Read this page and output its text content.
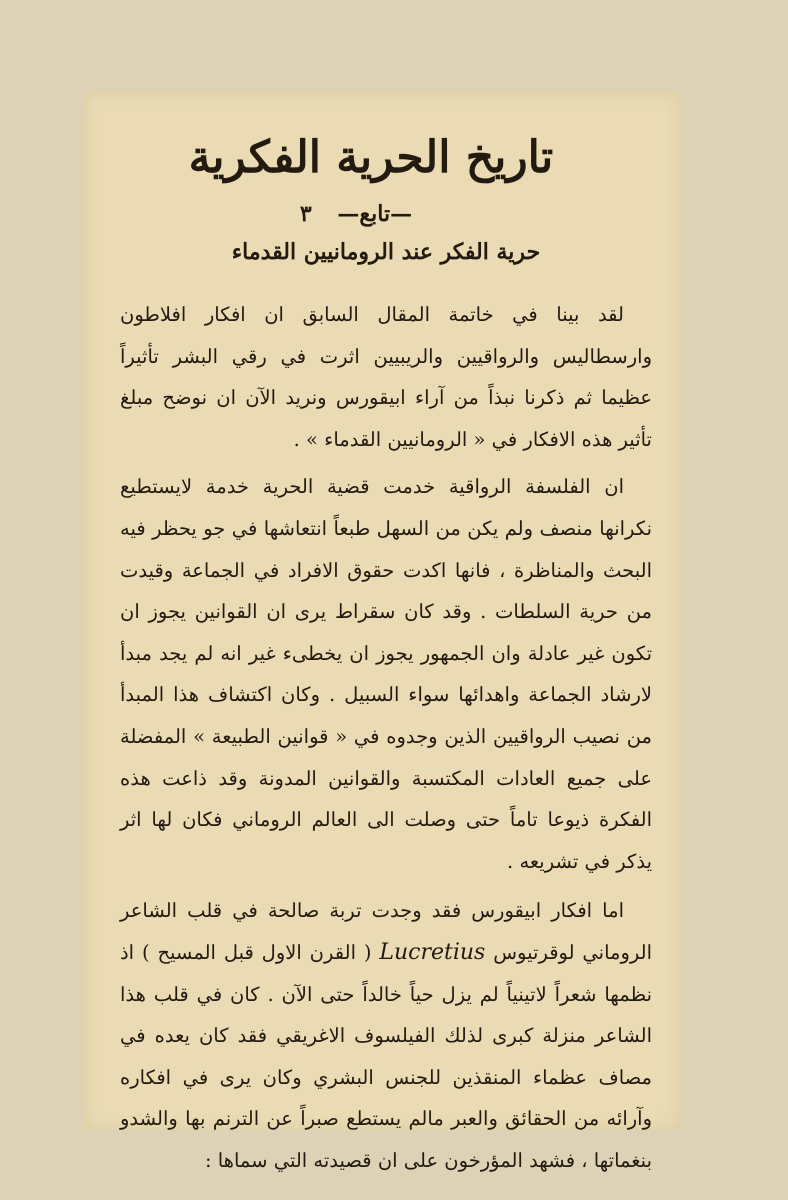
تاريخ الحرية الفكرية
—تابع— ٣
حرية الفكر عند الرومانيين القدماء

لقد بينا في خاتمة المقال السابق ان افكار افلاطون وارسطاليس والرواقيين والريبيين اثرت في رقي البشر تأثيراً عظيما ثم ذكرنا نبذاً من آراء ابيقورس ونريد الآن ان نوضح مبلغ تأثير هذه الافكار في « الرومانيين القدماء » .

ان الفلسفة الرواقية خدمت قضية الحرية خدمة لايستطيع نكرانها منصف ولم يكن من السهل طبعاً انتعاشها في جو يحظر فيه البحث والمناظرة ، فانها اكدت حقوق الافراد في الجماعة وقيدت من حرية السلطات . وقد كان سقراط يرى ان القوانين يجوز ان تكون غير عادلة وان الجمهور يجوز ان يخطىء غير انه لم يجد مبدأ لارشاد الجماعة واهدائها سواء السبيل . وكان اكتشاف هذا المبدأ من نصيب الرواقيين الذين وجدوه في « قوانين الطبيعة » المفضلة على جميع العادات المكتسبة والقوانين المدونة وقد ذاعت هذه الفكرة ذيوعا تاماً حتى وصلت الى العالم الروماني فكان لها اثر يذكر في تشريعه .

اما افكار ابيقورس فقد وجدت تربة صالحة في قلب الشاعر الروماني لوقرتيوس Lucretius ( القرن الاول قبل المسيح ) اذ نظمها شعراً لاتينياً لم يزل حياً خالداً حتى الآن . كان في قلب هذا الشاعر منزلة كبرى لذلك الفيلسوف الاغريقي فقد كان يعده في مصاف عظماء المنقذين للجنس البشري وكان يرى في افكاره وآرائه من الحقائق والعبر مالم يستطع صبراً عن الترنم بها والشدو بنغماتها ، فشهد المؤرخون على ان قصيدته التي سماها :
